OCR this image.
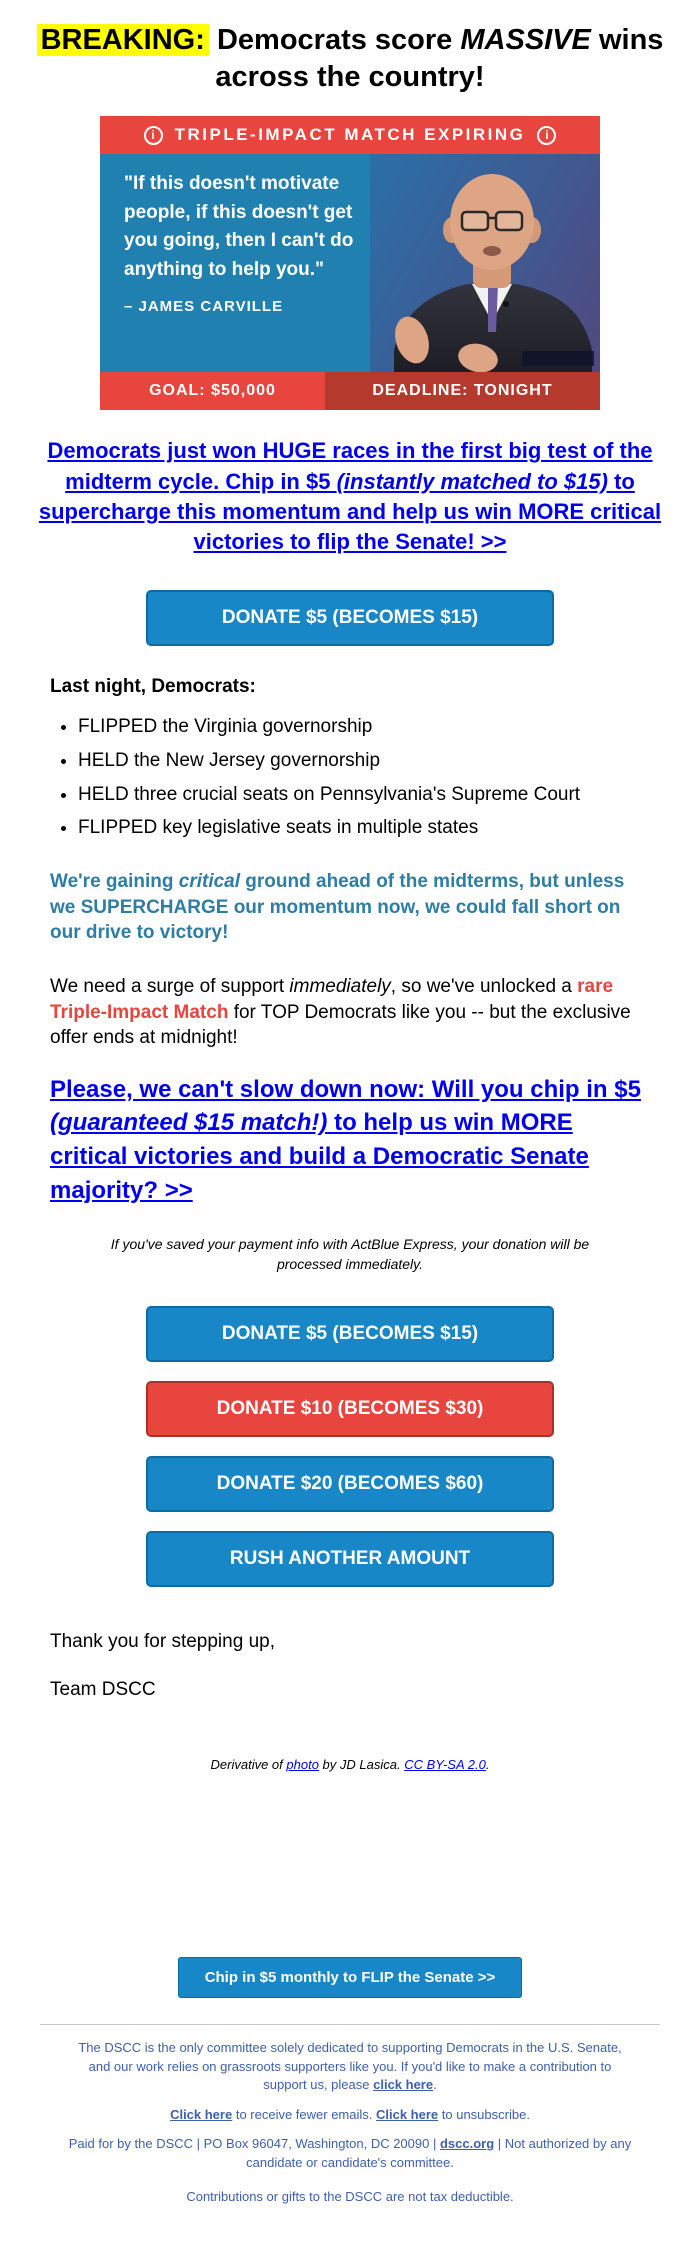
BREAKING: Democrats score MASSIVE wins across the country!
i	TRIPLE-IMPACT MATCH EXPIRING	i
"If this doesn't motivate people, if this doesn't get you going, then I can't do anything to help you."
– JAMES CARVILLE
GOAL: $50,000	DEADLINE: TONIGHT
Democrats just won HUGE races in the first big test of the midterm cycle. Chip in $5 (instantly matched to $15) to supercharge this momentum and help us win MORE critical victories to flip the Senate! >>
DONATE $5 (BECOMES $15)

Last night, Democrats:

• FLIPPED the Virginia governorship
• HELD the New Jersey governorship
• HELD three crucial seats on Pennsylvania's Supreme Court
• FLIPPED key legislative seats in multiple states

We're gaining critical ground ahead of the midterms, but unless we SUPERCHARGE our momentum now, we could fall short on our drive to victory!

We need a surge of support immediately, so we've unlocked a rare Triple-Impact Match for TOP Democrats like you -- but the exclusive offer ends at midnight!

Please, we can't slow down now: Will you chip in $5 (guaranteed $15 match!) to help us win MORE critical victories and build a Democratic Senate majority? >>

If you've saved your payment info with ActBlue Express, your donation will be processed immediately.

DONATE $5 (BECOMES $15)
DONATE $10 (BECOMES $30)
DONATE $20 (BECOMES $60)
RUSH ANOTHER AMOUNT

Thank you for stepping up,

Team DSCC

Derivative of photo by JD Lasica. CC BY-SA 2.0.

Chip in $5 monthly to FLIP the Senate >>

The DSCC is the only committee solely dedicated to supporting Democrats in the U.S. Senate, and our work relies on grassroots supporters like you. If you'd like to make a contribution to support us, please click here.

Click here to receive fewer emails. Click here to unsubscribe.

Paid for by the DSCC | PO Box 96047, Washington, DC 20090 | dscc.org | Not authorized by any candidate or candidate's committee.

Contributions or gifts to the DSCC are not tax deductible.
